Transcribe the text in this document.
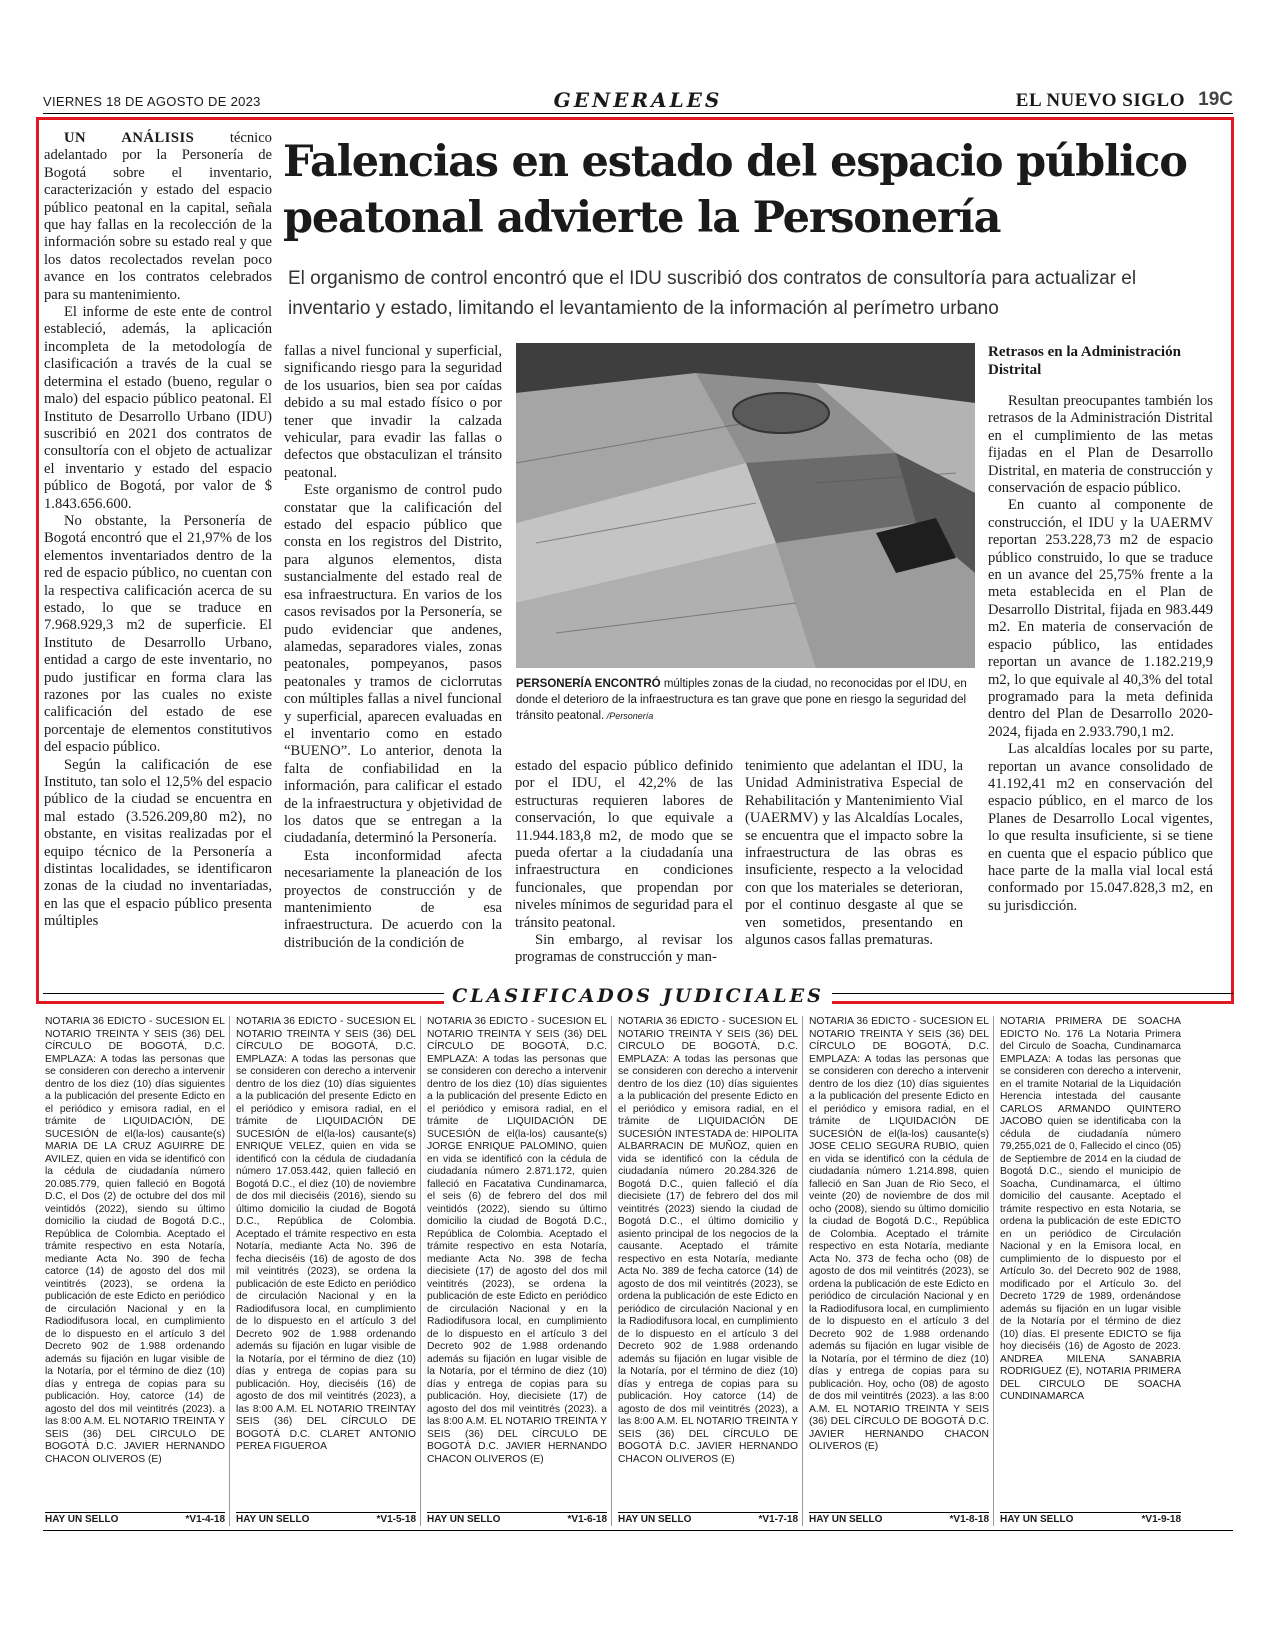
VIERNES 18 DE AGOSTO DE 2023	GENERALES	EL NUEVO SIGLO 19C
Falencias en estado del espacio público peatonal advierte la Personería

El organismo de control encontró que el IDU suscribió dos contratos de consultoría para actualizar el inventario y estado, limitando el levantamiento de la información al perímetro urbano

UN ANÁLISIS técnico adelantado por la Personería de Bogotá sobre el inventario, caracterización y estado del espacio público peatonal en la capital, señala que hay fallas en la recolección de la información sobre su estado real y que los datos recolectados revelan poco avance en los contratos celebrados para su mantenimiento.

El informe de este ente de control estableció, además, la aplicación incompleta de la metodología de clasificación a través de la cual se determina el estado (bueno, regular o malo) del espacio público peatonal. El Instituto de Desarrollo Urbano (IDU) suscribió en 2021 dos contratos de consultoría con el objeto de actualizar el inventario y estado del espacio público de Bogotá, por valor de $ 1.843.656.600.

No obstante, la Personería de Bogotá encontró que el 21,97% de los elementos inventariados dentro de la red de espacio público, no cuentan con la respectiva calificación acerca de su estado, lo que se traduce en 7.968.929,3 m2 de superficie. El Instituto de Desarrollo Urbano, entidad a cargo de este inventario, no pudo justificar en forma clara las razones por las cuales no existe calificación del estado de ese porcentaje de elementos constitutivos del espacio público.

Según la calificación de ese Instituto, tan solo el 12,5% del espacio público de la ciudad se encuentra en mal estado (3.526.209,80 m2), no obstante, en visitas realizadas por el equipo técnico de la Personería a distintas localidades, se identificaron zonas de la ciudad no inventariadas, en las que el espacio público presenta múltiples

fallas a nivel funcional y superficial, significando riesgo para la seguridad de los usuarios, bien sea por caídas debido a su mal estado físico o por tener que invadir la calzada vehicular, para evadir las fallas o defectos que obstaculizan el tránsito peatonal.

Este organismo de control pudo constatar que la calificación del estado del espacio público que consta en los registros del Distrito, para algunos elementos, dista sustancialmente del estado real de esa infraestructura. En varios de los casos revisados por la Personería, se pudo evidenciar que andenes, alamedas, separadores viales, zonas peatonales, pompeyanos, pasos peatonales y tramos de ciclorrutas con múltiples fallas a nivel funcional y superficial, aparecen evaluadas en el inventario como en estado “BUENO”. Lo anterior, denota la falta de confiabilidad en la información, para calificar el estado de la infraestructura y objetividad de los datos que se entregan a la ciudadanía, determinó la Personería.

Esta inconformidad afecta necesariamente la planeación de los proyectos de construcción y de mantenimiento de esa infraestructura. De acuerdo con la distribución de la condición de

PERSONERÍA ENCONTRÓ múltiples zonas de la ciudad, no reconocidas por el IDU, en donde el deterioro de la infraestructura es tan grave que pone en riesgo la seguridad del tránsito peatonal. /Personería

estado del espacio público definido por el IDU, el 42,2% de las estructuras requieren labores de conservación, lo que equivale a 11.944.183,8 m2, de modo que se pueda ofertar a la ciudadanía una infraestructura en condiciones funcionales, que propendan por niveles mínimos de seguridad para el tránsito peatonal.

Sin embargo, al revisar los programas de construcción y man-

tenimiento que adelantan el IDU, la Unidad Administrativa Especial de Rehabilitación y Mantenimiento Vial (UAERMV) y las Alcaldías Locales, se encuentra que el impacto sobre la infraestructura de las obras es insuficiente, respecto a la velocidad con que los materiales se deterioran, por el continuo desgaste al que se ven sometidos, presentando en algunos casos fallas prematuras.

Retrasos en la Administración Distrital

Resultan preocupantes también los retrasos de la Administración Distrital en el cumplimiento de las metas fijadas en el Plan de Desarrollo Distrital, en materia de construcción y conservación de espacio público.

En cuanto al componente de construcción, el IDU y la UAERMV reportan 253.228,73 m2 de espacio público construido, lo que se traduce en un avance del 25,75% frente a la meta establecida en el Plan de Desarrollo Distrital, fijada en 983.449 m2. En materia de conservación de espacio público, las entidades reportan un avance de 1.182.219,9 m2, lo que equivale al 40,3% del total programado para la meta definida dentro del Plan de Desarrollo 2020-2024, fijada en 2.933.790,1 m2.

Las alcaldías locales por su parte, reportan un avance consolidado de 41.192,41 m2 en conservación del espacio público, en el marco de los Planes de Desarrollo Local vigentes, lo que resulta insuficiente, si se tiene en cuenta que el espacio público que hace parte de la malla vial local está conformado por 15.047.828,3 m2, en su jurisdicción.

CLASIFICADOS JUDICIALES
NOTARIA 36 EDICTO - SUCESIÓN EL NOTARIO TREINTA Y SEIS (36) DEL CÍRCULO DE BOGOTÁ, D.C. EMPLAZA: A todas las personas que se consideren con derecho a intervenir dentro de los diez (10) días siguientes a la publicación del presente Edicto en el periódico y emisora radial, en el trámite de LIQUIDACIÓN, DE SUCESIÓN de el(la-los) causante(s) MARIA DE LA CRUZ AGUIRRE DE AVILEZ, quien en vida se identificó con la cédula de ciudadanía número 20.085.779, quien falleció en Bogotá D.C, el Dos (2) de octubre del dos mil veintidós (2022), siendo su último domicilio la ciudad de Bogotá D.C., República de Colombia. Aceptado el trámite respectivo en esta Notaría, mediante Acta No. 390 de fecha catorce (14) de agosto del dos mil veintitrés (2023), se ordena la publicación de este Edicto en periódico de circulación Nacional y en la Radiodifusora local, en cumplimiento de lo dispuesto en el artículo 3 del Decreto 902 de 1.988 ordenando además su fijación en lugar visible de la Notaría, por el término de diez (10) días y entrega de copias para su publicación. Hoy, catorce (14) de agosto del dos mil veintitrés (2023). a las 8:00 A.M. EL NOTARIO TREINTA Y SEIS (36) DEL CIRCULO DE BOGOTÁ D.C. JAVIER HERNANDO CHACON OLIVEROS (E)
HAY UN SELLO	*V1-4-18
NOTARIA 36 EDICTO - SUCESIÓN EL NOTARIO TREINTA Y SEIS (36) DEL CÍRCULO DE BOGOTÁ, D.C. EMPLAZA: A todas las personas que se consideren con derecho a intervenir dentro de los diez (10) días siguientes a la publicación del presente Edicto en el periódico y emisora radial, en el trámite de LIQUIDACIÓN DE SUCESIÓN de el(la-los) causante(s) ENRIQUE VELEZ, quien en vida se identificó con la cédula de ciudadanía número 17.053.442, quien falleció en Bogotá D.C., el diez (10) de noviembre de dos mil dieciséis (2016), siendo su último domicilio la ciudad de Bogotá D.C., República de Colombia. Aceptado el trámite respectivo en esta Notaría, mediante Acta No. 396 de fecha dieciséis (16) de agosto de dos mil veintitrés (2023), se ordena la publicación de este Edicto en periódico de circulación Nacional y en la Radiodifusora local, en cumplimiento de lo dispuesto en el artículo 3 del Decreto 902 de 1.988 ordenando además su fijación en lugar visible de la Notaría, por el término de diez (10) días y entrega de copias para su publicación. Hoy, dieciséis (16) de agosto de dos mil veintitrés (2023), a las 8:00 A.M. EL NOTARIO TREINTAY SEIS (36) DEL CÍRCULO DE BOGOTÁ D.C. CLARET ANTONIO PEREA FIGUEROA
HAY UN SELLO	*V1-5-18
NOTARIA 36 EDICTO - SUCESIÓN EL NOTARIO TREINTA Y SEIS (36) DEL CÍRCULO DE BOGOTÁ, D.C. EMPLAZA: A todas las personas que se consideren con derecho a intervenir dentro de los diez (10) días siguientes a la publicación del presente Edicto en el periódico y emisora radial, en el trámite de LIQUIDACIÓN DE SUCESIÓN de el(la-los) causante(s) JORGE ENRIQUE PALOMINO, quien en vida se identificó con la cédula de ciudadanía número 2.871.172, quien falleció en Facatativa Cundinamarca, el seis (6) de febrero del dos mil veintidós (2022), siendo su último domicilio la ciudad de Bogotá D.C., República de Colombia. Aceptado el trámite respectivo en esta Notaría, mediante Acta No. 398 de fecha diecisiete (17) de agosto del dos mil veintitrés (2023), se ordena la publicación de este Edicto en periódico de circulación Nacional y en la Radiodifusora local, en cumplimiento de lo dispuesto en el artículo 3 del Decreto 902 de 1.988 ordenando además su fijación en lugar visible de la Notaría, por el término de diez (10) días y entrega de copias para su publicación. Hoy, diecisiete (17) de agosto del dos mil veintitrés (2023). a las 8:00 A.M. EL NOTARIO TREINTA Y SEIS (36) DEL CÍRCULO DE BOGOTÁ D.C. JAVIER HERNANDO CHACON OLIVEROS (E)
HAY UN SELLO	*V1-6-18
NOTARIA 36 EDICTO - SUCESIÓN EL NOTARIO TREINTA Y SEIS (36) DEL CIRCULO DE BOGOTÁ, D.C. EMPLAZA: A todas las personas que se consideren con derecho a intervenir dentro de los diez (10) días siguientes a la publicación del presente Edicto en el periódico y emisora radial, en el trámite de LIQUIDACIÓN DE SUCESIÓN INTESTADA de: HIPOLITA ALBARRACIN DE MUÑOZ, quien en vida se identificó con la cédula de ciudadanía número 20.284.326 de Bogotá D.C., quien falleció el día diecisiete (17) de febrero del dos mil veintitrés (2023) siendo la ciudad de Bogotá D.C., el último domicilio y asiento principal de los negocios de la causante. Aceptado el trámite respectivo en esta Notaría, mediante Acta No. 389 de fecha catorce (14) de agosto de dos mil veintitrés (2023), se ordena la publicación de este Edicto en periódico de circulación Nacional y en la Radiodifusora local, en cumplimiento de lo dispuesto en el artículo 3 del Decreto 902 de 1.988 ordenando además su fijación en lugar visible de la Notaría, por el término de diez (10) días y entrega de copias para su publicación. Hoy catorce (14) de agosto de dos mil veintitrés (2023), a las 8:00 A.M. EL NOTARIO TREINTA Y SEIS (36) DEL CÍRCULO DE BOGOTÁ D.C. JAVIER HERNANDO CHACON OLIVEROS (E)
HAY UN SELLO	*V1-7-18
NOTARIA 36 EDICTO - SUCESIÓN EL NOTARIO TREINTA Y SEIS (36) DEL CÍRCULO DE BOGOTÁ, D.C. EMPLAZA: A todas las personas que se consideren con derecho a intervenir dentro de los diez (10) días siguientes a la publicación del presente Edicto en el periódico y emisora radial, en el trámite de LIQUIDACIÓN DE SUCESIÓN de el(la-los) causante(s) JOSE CELIO SEGURA RUBIO, quien en vida se identificó con la cédula de ciudadanía número 1.214.898, quien falleció en San Juan de Rio Seco, el veinte (20) de noviembre de dos mil ocho (2008), siendo su último domicilio la ciudad de Bogotá D.C., República de Colombia. Aceptado el trámite respectivo en esta Notaría, mediante Acta No. 373 de fecha ocho (08) de agosto de dos mil veintitrés (2023), se ordena la publicación de este Edicto en periódico de circulación Nacional y en la Radiodifusora local, en cumplimiento de lo dispuesto en el artículo 3 del Decreto 902 de 1.988 ordenando además su fijación en lugar visible de la Notaría, por el término de diez (10) días y entrega de copias para su publicación. Hoy, ocho (08) de agosto de dos mil veintitrés (2023). a las 8:00 A.M. EL NOTARIO TREINTA Y SEIS (36) DEL CÍRCULO DE BOGOTÁ D.C. JAVIER HERNANDO CHACON OLIVEROS (E)
HAY UN SELLO	*V1-8-18
NOTARIA PRIMERA DE SOACHA EDICTO No. 176 La Notaria Primera del Circulo de Soacha, Cundinamarca EMPLAZA: A todas las personas que se consideren con derecho a intervenir, en el tramite Notarial de la Liquidación Herencia intestada del causante CARLOS ARMANDO QUINTERO JACOBO quien se identificaba con la cédula de ciudadanía número 79,255,021 de 0, Fallecido el cinco (05) de Septiembre de 2014 en la ciudad de Bogotá D.C., siendo el municipio de Soacha, Cundinamarca, el último domicilio del causante. Aceptado el trámite respectivo en esta Notaria, se ordena la publicación de este EDICTO en un periódico de Circulación Nacional y en la Emisora local, en cumplimiento de lo dispuesto por el Artículo 3o. del Decreto 902 de 1988, modificado por el Artículo 3o. del Decreto 1729 de 1989, ordenándose además su fijación en un lugar visible de la Notaría por el término de diez (10) días. El presente EDICTO se fija hoy dieciséis (16) de Agosto de 2023. ANDREA MILENA SANABRIA RODRIGUEZ (E), NOTARIA PRIMERA DEL CIRCULO DE SOACHA CUNDINAMARCA
HAY UN SELLO	*V1-9-18
